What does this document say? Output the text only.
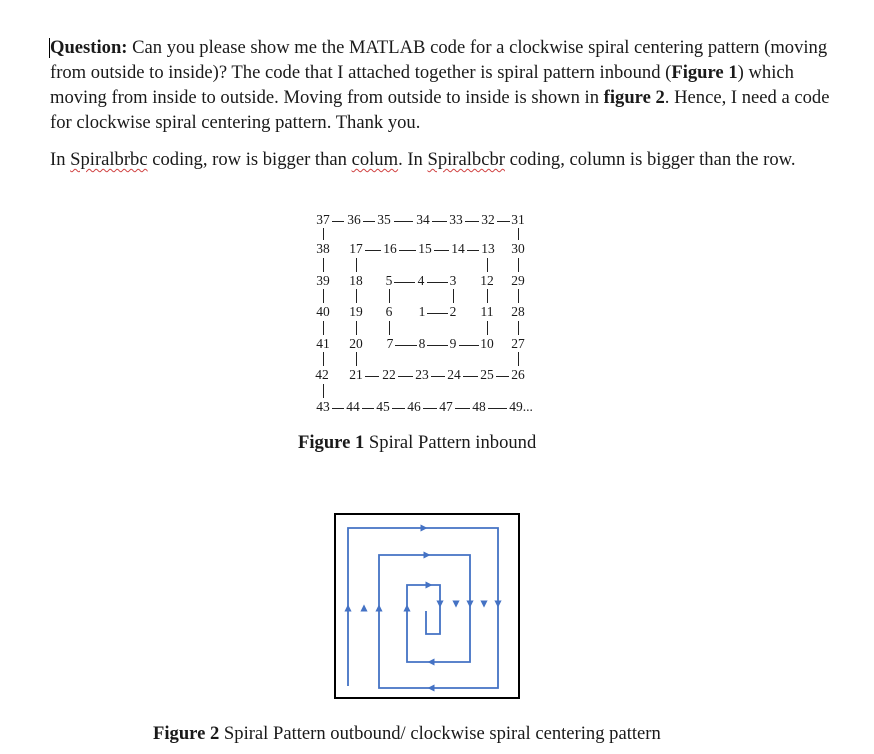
Question: Can you please show me the MATLAB code for a clockwise spiral centering pattern (moving from outside to inside)? The code that I attached together is spiral pattern inbound (Figure 1) which moving from inside to outside. Moving from outside to inside is shown in figure 2. Hence, I need a code for clockwise spiral centering pattern. Thank you.
In Spiralbrbc coding, row is bigger than colum. In Spiralbcbr coding, column is bigger than the row.
37 36 35 34 33 32 31
38 17 16 15 14 13 30
39 18 5 4 3 12 29
40 19 6 1 2 11 28
41 20 7 8 9 10 27
42 21 22 23 24 25 26
43 44 45 46 47 48 49...
Figure 1 Spiral Pattern inbound
Figure 2 Spiral Pattern outbound/ clockwise spiral centering pattern
